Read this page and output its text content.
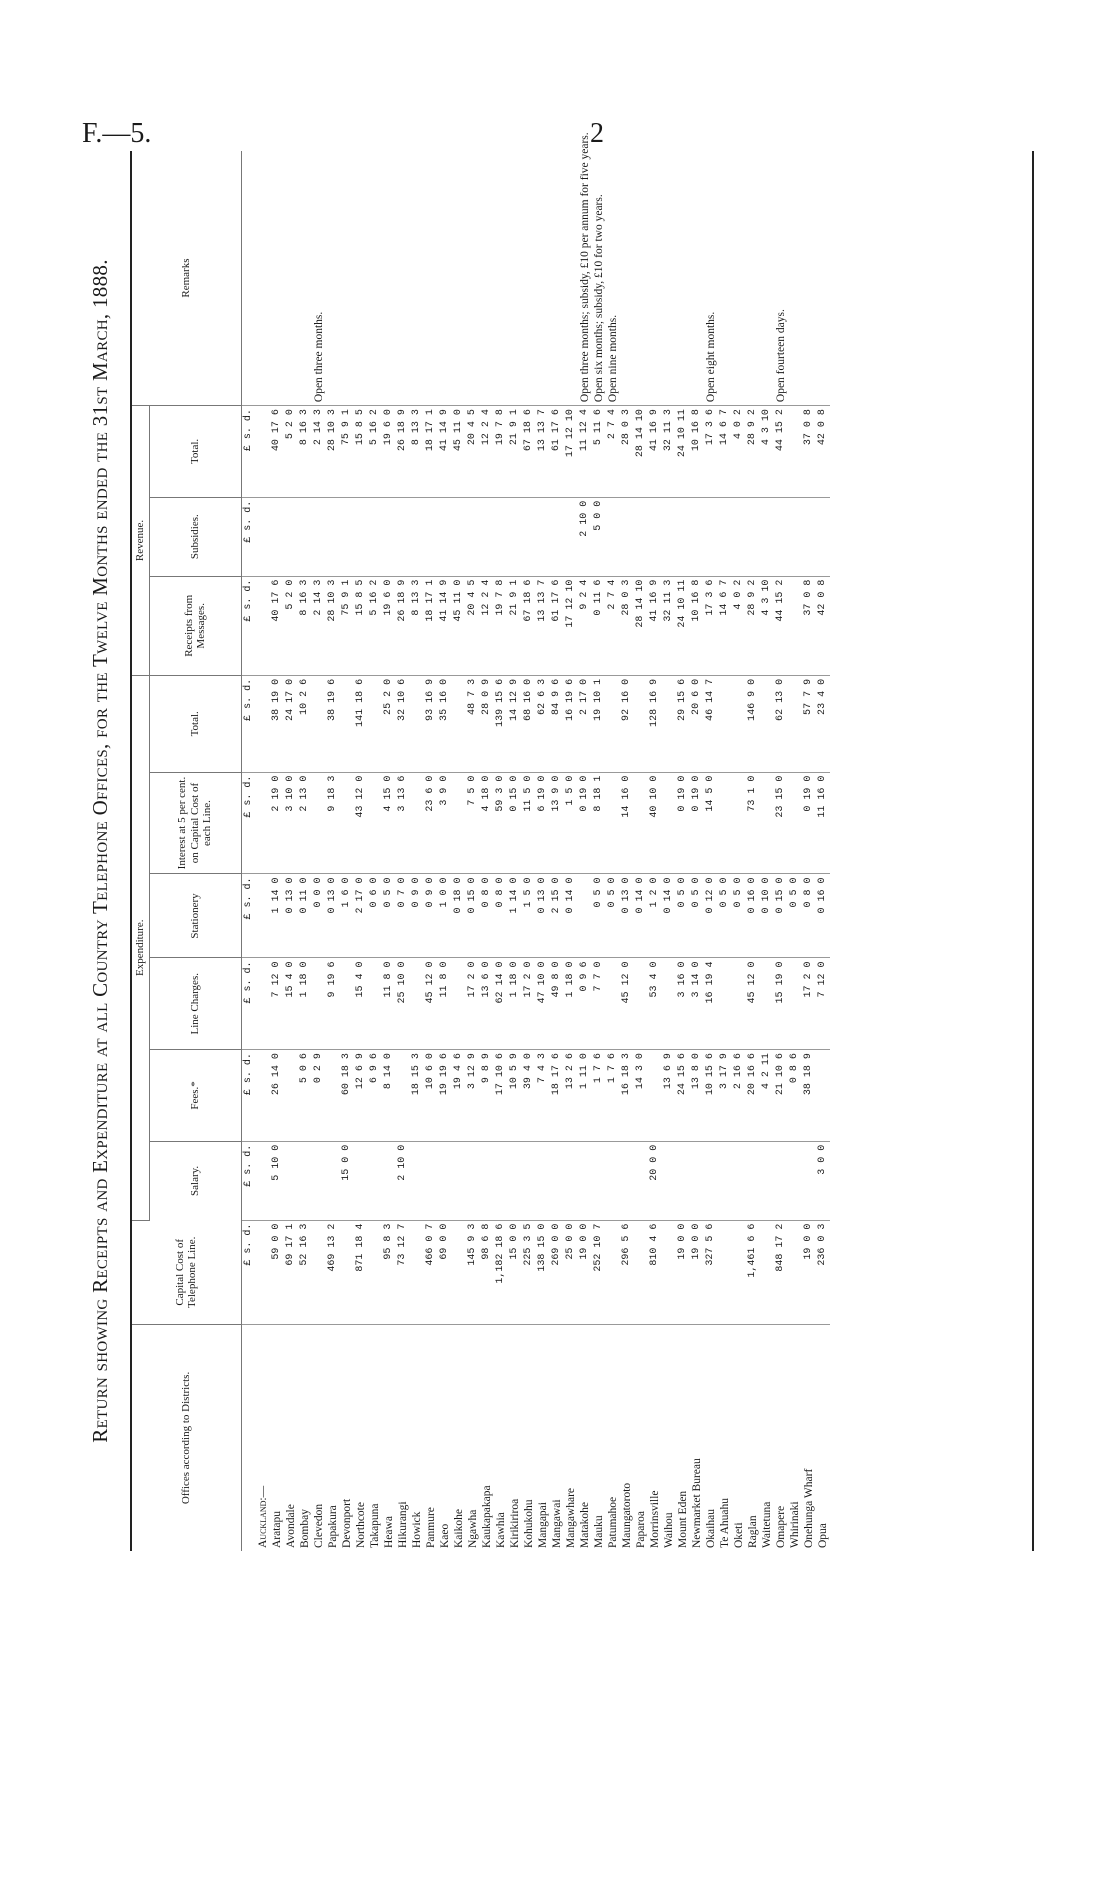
F.—5.	2
Return showing Receipts and Expenditure at all Country Telephone Offices, for the Twelve Months ended the 31st March, 1888.	Offices according to Districts.	Capital Cost of Telephone Line.	Expenditure.						Revenue.			Remarks
		Salary.	Fees.*	Line Charges.	Stationery	Interest at 5 per cent. on Capital Cost of each Line.	Total.	Receipts from Messages.	Subsidies.	Total.	
	£ s. d.	£ s. d.	£ s. d.	£ s. d.	£ s. d.	£ s. d.	£ s. d.	£ s. d.	£ s. d.	£ s. d.	
Auckland:—											
Aratapu	59 0 0	5 10 0	26 14 0	7 12 0	1 14 0	2 19 0	38 19 0	40 17 6		40 17 6	
Avondale	69 17 1			15 4 0	0 13 0	3 10 0	24 17 0	5 2 0		5 2 0	
Bombay	52 16 3		5 0 6	1 18 0	0 11 0	2 13 0	10 2 6	8 16 3		8 16 3	
Clevedon			0 2 9		0 0 0			2 14 3		2 14 3	Open three months.
Papakura	469 13 2			9 19 6	0 13 0	9 18 3	38 19 6	28 10 3		28 10 3	
Devonport		15 0 0	60 18 3		1 6 0			75 9 1		75 9 1	
Northcote	871 18 4		12 6 9	15 4 0	2 17 0	43 12 0	141 18 6	15 8 5		15 8 5	
Takapuna			6 9 6		0 6 0			5 16 2		5 16 2	
Heawa	95 8 3		8 14 0	11 8 0	0 5 0	4 15 0	25 2 0	19 6 0		19 6 0	
Hikurangi	73 12 7	2 10 0		25 10 0	0 7 0	3 13 6	32 10 6	26 18 9		26 18 9	
Howick			18 15 3		0 9 0			8 13 3		8 13 3	
Panmure	466 0 7		10 6 0	45 12 0	0 9 0	23 6 0	93 16 9	18 17 1		18 17 1	
Kaeo	69 0 0		19 19 6	11 8 0	1 0 0	3 9 0	35 16 0	41 14 9		41 14 9	
Kaikohe			19 4 6		0 18 0			45 11 0		45 11 0	
Ngawha	145 9 3		3 12 9	17 2 0	0 15 0	7 5 0	48 7 3	20 4 5		20 4 5	
Kaukapakapa	98 6 8		9 8 9	13 6 0	0 8 0	4 18 0	28 0 9	12 2 4		12 2 4	
Kawhia	1,182 18 6		17 10 6	62 14 0	0 8 0	59 3 0	139 15 6	19 7 8		19 7 8	
Kirikiriroa	15 0 0		10 5 9	1 18 0	1 14 0	0 15 0	14 12 9	21 9 1		21 9 1	
Kohukohu	225 3 5		39 4 0	17 2 0	1 5 0	11 5 0	68 16 0	67 18 6		67 18 6	
Mangapai	138 15 0		7 4 3	47 10 0	0 13 0	6 19 0	62 6 3	13 13 7		13 13 7	
Mangawai	269 0 0		18 17 6	49 8 0	2 15 0	13 9 0	84 9 6	61 17 6		61 17 6	
Mangawhare	25 0 0		13 2 6	1 18 0	0 14 0	1 5 0	16 19 6	17 12 10		17 12 10	
Matakohe	19 0 0		1 11 0	0 9 6		0 19 0	2 17 0	9 2 4	2 10 0	11 12 4	Open three months; subsidy, £10 per annum for five years.
Mauku	252 10 7		1 7 6	7 7 0	0 5 0	8 18 1	19 10 1	0 11 6	5 0 0	5 11 6	Open six months; subsidy, £10 for two years.
Patumahoe			1 7 6		0 5 0			2 7 4		2 7 4	Open nine months.
Maungatoroto	296 5 6		16 18 3	45 12 0	0 13 0	14 16 0	92 16 0	28 0 3		28 0 3	
Paparoa			14 3 0		0 14 0			28 14 10		28 14 10	
Morrinsville	810 4 6	20 0 0		53 4 0	1 2 0	40 10 0	128 16 9	41 16 9		41 16 9	
Waihou			13 6 9		0 14 0			32 11 3		32 11 3	
Mount Eden	19 0 0		24 15 6	3 16 0	0 5 0	0 19 0	29 15 6	24 10 11		24 10 11	
Newmarket Bureau	19 0 0		13 8 0	3 14 0	0 5 0	0 19 0	20 6 0	10 16 8		10 16 8	
Okaihau	327 5 6		10 15 6	16 19 4	0 12 0	14 5 0	46 14 7	17 3 6		17 3 6	Open eight months.
Te Ahuahu			3 17 9		0 5 0			14 6 7		14 6 7	
Oketi			2 16 6		0 5 0			4 0 2		4 0 2	
Raglan	1,461 6 6		20 16 6	45 12 0	0 16 0	73 1 0	146 9 0	28 9 2		28 9 2	
Waitetuna			4 2 11		0 10 0			4 3 10		4 3 10	
Omapere	848 17 2		21 10 6	15 19 0	0 15 0	23 15 0	62 13 0	44 15 2		44 15 2	Open fourteen days.
Whirinaki			0 8 6		0 5 0						
Onehunga Wharf	19 0 0		38 18 9	17 2 0	0 8 0	0 19 0	57 7 9	37 0 8		37 0 8	
Opua	236 0 3	3 0 0		7 12 0	0 16 0	11 16 0	23 4 0	42 0 8		42 0 8	
